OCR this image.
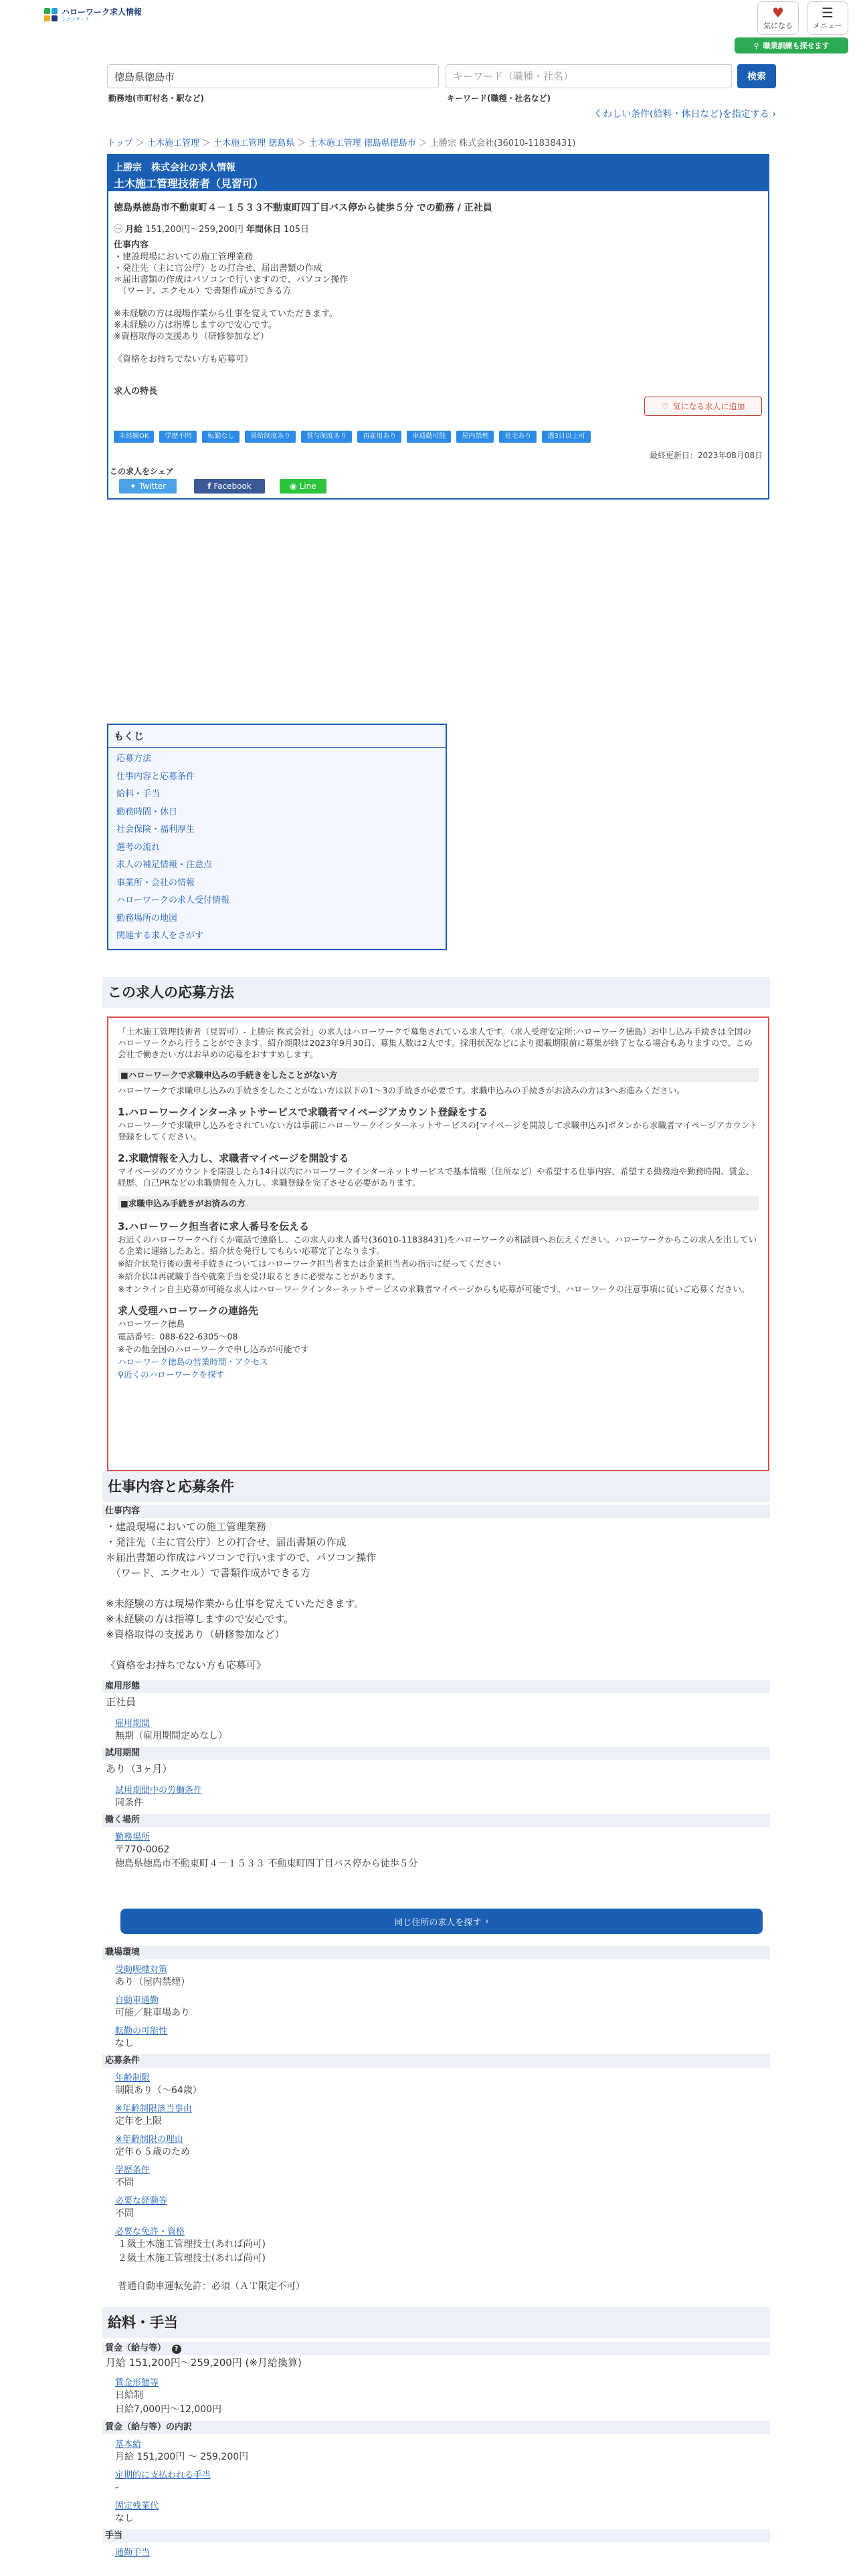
ハローワーク求人情報
シゴトサーチ	♥
気になる
☰
メニュー
⚲ 職業訓練も探せます
徳島県徳島市
勤務地(市町村名・駅など)
キーワード（職種・社名）	キーワード(職種・社名など)
検索
くわしい条件(給料・休日など)を指定する ›
トップ ＞ 土木施工管理 ＞ 土木施工管理 徳島県 ＞ 土木施工管理 徳島県徳島市 ＞ 上勝宗 株式会社(36010-11838431)
上勝宗　株式会社の求人情報
土木施工管理技術者（見習可）
徳島県徳島市不動東町４－１５３３不動東町四丁目バス停から徒歩５分 での勤務 / 正社員
㊀ 月給 151,200円〜259,200円 年間休日 105日
仕事内容
・建設現場においての施工管理業務
・発注先（主に官公庁）との打合せ、届出書類の作成
＊届出書類の作成はパソコンで行いますので、パソコン操作
　（ワード、エクセル）で書類作成ができる方

※未経験の方は現場作業から仕事を覚えていただきます。
※未経験の方は指導しますので安心です。
※資格取得の支援あり（研修参加など）

《資格をお持ちでない方も応募可》
求人の特長
♡ 気になる求人に追加
未経験OK	学歴不問	転勤なし	昇給制度あり	賞与制度あり	再雇用あり	車通勤可能	屋内禁煙	社宅あり	週3日以上可
最終更新日：2023年08月08日
この求人をシェア
✦ Twitter	f Facebook	◉ Line
もくじ
応募方法
仕事内容と応募条件
給料・手当
勤務時間・休日
社会保険・福利厚生
選考の流れ
求人の補足情報・注意点
事業所・会社の情報
ハローワークの求人受付情報
勤務場所の地図
関連する求人をさがす
この求人の応募方法

「土木施工管理技術者（見習可）- 上勝宗 株式会社」の求人はハローワークで募集されている求人です。（求人受理安定所:ハローワーク徳島）お申し込み手続きは全国のハローワークから行うことができます。紹介期限は2023年9月30日、募集人数は2人です。採用状況などにより掲載期限前に募集が終了となる場合もありますので、この会社で働きたい方はお早めの応募をおすすめします。

■ハローワークで求職申込みの手続きをしたことがない方

ハローワークで求職申し込みの手続きをしたことがない方は以下の1〜3の手続きが必要です。求職申込みの手続きがお済みの方は3へお進みください。

1.ハローワークインターネットサービスで求職者マイページアカウント登録をする

ハローワークで求職申し込みをされていない方は事前にハローワークインターネットサービスの[マイページを開設して求職申込み]ボタンから求職者マイページアカウント登録をしてください。

2.求職情報を入力し、求職者マイページを開設する

マイページのアカウントを開設したら14日以内にハローワークインターネットサービスで基本情報（住所など）や希望する仕事内容、希望する勤務地や勤務時間、賃金、経歴、自己PRなどの求職情報を入力し、求職登録を完了させる必要があります。

■求職申込み手続きがお済みの方
3.ハローワーク担当者に求人番号を伝える

お近くのハローワークへ行くか電話で連絡し、この求人の求人番号(36010-11838431)をハローワークの相談員へお伝えください。ハローワークからこの求人を出している企業に連絡したあと、紹介状を発行してもらい応募完了となります。

※紹介状発行後の選考手続きについてはハローワーク担当者または企業担当者の指示に従ってください

※紹介状は再就職手当や就業手当を受け取るときに必要なことがあります。

※オンライン自主応募が可能な求人はハローワークインターネットサービスの求職者マイページからも応募が可能です。ハローワークの注意事項に従いご応募ください。

求人受理ハローワークの連絡先

ハローワーク徳島

電話番号：088-622-6305〜08

※その他全国のハローワークで申し込みが可能です

ハローワーク徳島の営業時間・アクセス

⚲近くのハローワークを探す

仕事内容と応募条件
仕事内容
・建設現場においての施工管理業務
・発注先（主に官公庁）との打合せ、届出書類の作成
＊届出書類の作成はパソコンで行いますので、パソコン操作
　（ワード、エクセル）で書類作成ができる方

※未経験の方は現場作業から仕事を覚えていただきます。
※未経験の方は指導しますので安心です。
※資格取得の支援あり（研修参加など）

《資格をお持ちでない方も応募可》
雇用形態
正社員
雇用期間
無期（雇用期間定めなし）
試用期間
あり（3ヶ月）
試用期間中の労働条件
同条件
働く場所
勤務場所
〒770-0062
徳島県徳島市不動東町４－１５３３ 不動東町四丁目バス停から徒歩５分
同じ住所の求人を探す ›
職場環境
受動喫煙対策
あり（屋内禁煙）
自動車通勤
可能／駐車場あり
転勤の可能性
なし
応募条件
年齢制限
制限あり（〜64歳）
※年齢制限該当事由
定年を上限
※年齢制限の理由
定年６５歳のため
学歴条件
不問
必要な経験等
不問
必要な免許・資格
１級土木施工管理技士(あれば尚可)
２級土木施工管理技士(あれば尚可)

普通自動車運転免許：必須（ＡＴ限定不可）
給料・手当
賃金（給与等） ?
月給 151,200円〜259,200円 (※月給換算)
賃金形態等
日給制
日給7,000円〜12,000円
賃金（給与等）の内訳
基本給
月給 151,200円 〜 259,200円
定期的に支払われる手当
-
固定残業代
なし
手当
通勤手当
